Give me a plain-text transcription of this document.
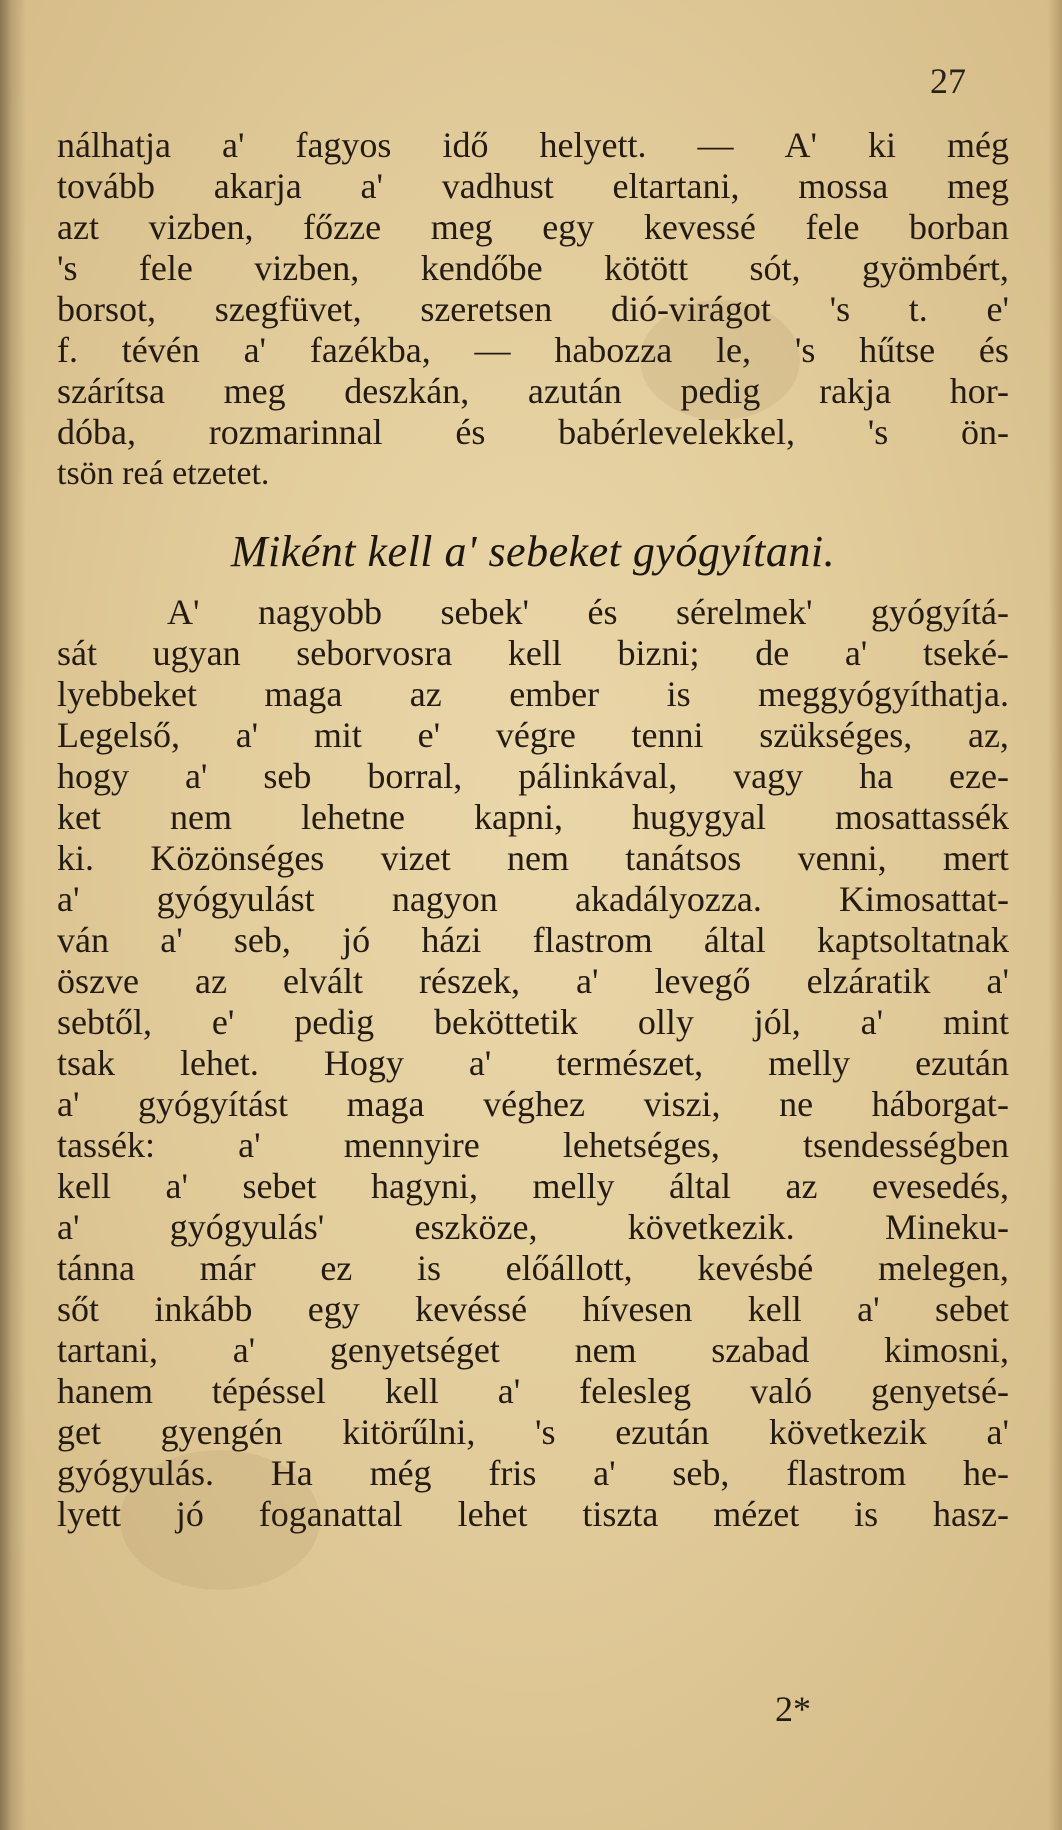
27
nálhatja a' fagyos idő helyett. — A' ki még
tovább akarja a' vadhust eltartani, mossa meg
azt vizben, főzze meg egy kevessé fele borban
's fele vizben, kendőbe kötött sót, gyömbért,
borsot, szegfüvet, szeretsen dió-virágot 's t. e'
f. tévén a' fazékba, — habozza le, 's hűtse és
szárítsa meg deszkán, azután pedig rakja hor-
dóba, rozmarinnal és babérlevelekkel, 's ön-
tsön reá etzetet.
Miként kell a' sebeket gyógyítani.
A' nagyobb sebek' és sérelmek' gyógyítá-
sát ugyan seborvosra kell bizni; de a' tseké-
lyebbeket maga az ember is meggyógyíthatja.
Legelső, a' mit e' végre tenni szükséges, az,
hogy a' seb borral, pálinkával, vagy ha eze-
ket nem lehetne kapni, hugygyal mosattassék
ki. Közönséges vizet nem tanátsos venni, mert
a' gyógyulást nagyon akadályozza. Kimosattat-
ván a' seb, jó házi flastrom által kaptsoltatnak
öszve az elvált részek, a' levegő elzáratik a'
sebtől, e' pedig beköttetik olly jól, a' mint
tsak lehet. Hogy a' természet, melly ezután
a' gyógyítást maga véghez viszi, ne háborgat-
tassék: a' mennyire lehetséges, tsendességben
kell a' sebet hagyni, melly által az evesedés,
a'	gyógyulás'	eszköze,	következik.	Mineku-
tánna már ez is előállott, kevésbé melegen,
sőt inkább egy kevéssé hívesen kell a' sebet
tartani, a' genyetséget nem szabad kimosni,
hanem tépéssel kell a' felesleg való genyetsé-
get gyengén kitörűlni, 's ezután következik a'
gyógyulás. Ha még fris a' seb, flastrom he-
lyett jó foganattal lehet tiszta mézet is hasz-
2*
